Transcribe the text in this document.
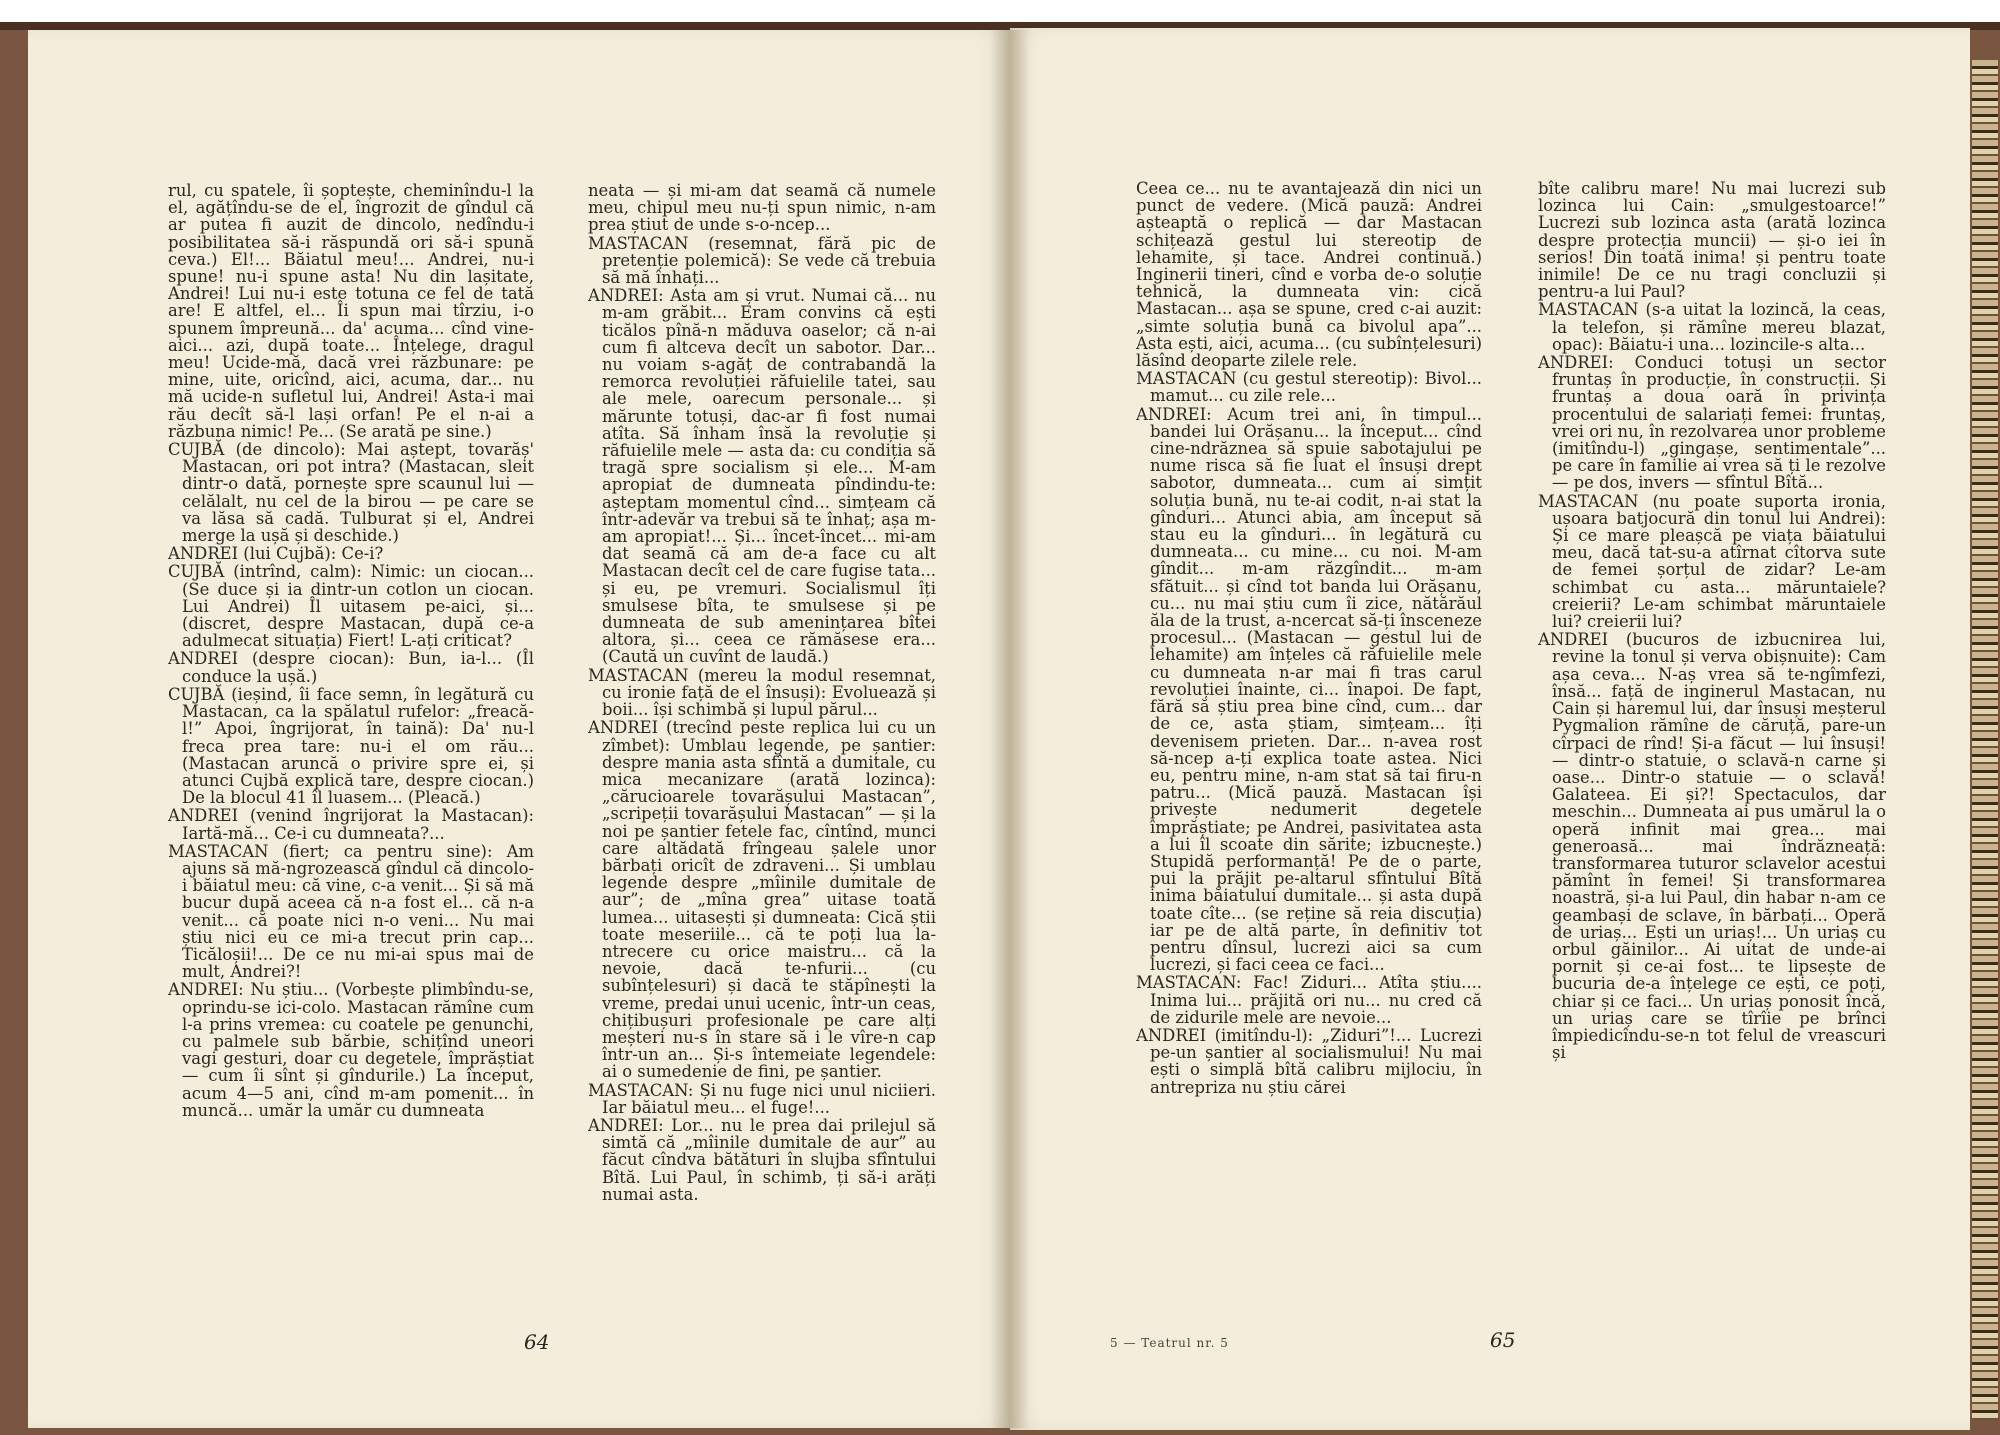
rul, cu spatele, îi șoptește, cheminîndu-l la el, agățîndu-se de el, îngrozit de gîndul că ar putea fi auzit de dincolo, nedîndu-i posibilitatea să-i răspundă ori să-i spună ceva.) El!... Băiatul meu!... Andrei, nu-i spune! nu-i spune asta! Nu din lașitate, Andrei! Lui nu-i este totuna ce fel de tată are! E altfel, el... Îi spun mai tîrziu, i-o spunem împreună... da' acuma... cînd vine-aici... azi, după toate... Înțelege, dragul meu! Ucide-mă, dacă vrei răzbunare: pe mine, uite, oricînd, aici, acuma, dar... nu mă ucide-n sufletul lui, Andrei! Asta-i mai rău decît să-l lași orfan! Pe el n-ai a răzbuna nimic! Pe... (Se arată pe sine.)

CUJBĂ (de dincolo): Mai aștept, tovarăș' Mastacan, ori pot intra? (Mastacan, sleit dintr-o dată, pornește spre scaunul lui — celălalt, nu cel de la birou — pe care se va lăsa să cadă. Tulburat și el, Andrei merge la ușă și deschide.)

ANDREI (lui Cujbă): Ce-i?

CUJBĂ (intrînd, calm): Nimic: un ciocan... (Se duce și ia dintr-un cotlon un ciocan. Lui Andrei) Îl uitasem pe-aici, și... (discret, despre Mastacan, după ce-a adulmecat situația) Fiert! L-ați criticat?

ANDREI (despre ciocan): Bun, ia-l... (Îl conduce la ușă.)

CUJBĂ (ieșind, îi face semn, în legătură cu Mastacan, ca la spălatul rufelor: „freacă-l!” Apoi, îngrijorat, în taină): Da' nu-l freca prea tare: nu-i el om rău... (Mastacan aruncă o privire spre ei, și atunci Cujbă explică tare, despre ciocan.) De la blocul 41 îl luasem... (Pleacă.)

ANDREI (venind îngrijorat la Mastacan): Iartă-mă... Ce-i cu dumneata?...

MASTACAN (fiert; ca pentru sine): Am ajuns să mă-ngrozească gîndul că dincolo-i băiatul meu: că vine, c-a venit... Și să mă bucur după aceea că n-a fost el... că n-a venit... că poate nici n-o veni... Nu mai știu nici eu ce mi-a trecut prin cap... Ticăloșii!... De ce nu mi-ai spus mai de mult, Andrei?!

ANDREI: Nu știu... (Vorbește plimbîndu-se, oprindu-se ici-colo. Mastacan rămîne cum l-a prins vremea: cu coatele pe genunchi, cu palmele sub bărbie, schițînd uneori vagi gesturi, doar cu degetele, împrăștiat — cum îi sînt și gîndurile.) La început, acum 4—5 ani, cînd m-am pomenit... în muncă... umăr la umăr cu dumneata

neata — și mi-am dat seamă că numele meu, chipul meu nu-ți spun nimic, n-am prea știut de unde s-o-ncep...

MASTACAN (resemnat, fără pic de pretenție polemică): Se vede că trebuia să mă înhați...

ANDREI: Asta am și vrut. Numai că... nu m-am grăbit... Eram convins că ești ticălos pînă-n măduva oaselor; că n-ai cum fi altceva decît un sabotor. Dar... nu voiam s-agăț de contrabandă la remorca revoluției răfuielile tatei, sau ale mele, oarecum personale... și mărunte totuși, dac-ar fi fost numai atîta. Să înham însă la revoluție și răfuielile mele — asta da: cu condiția să tragă spre socialism și ele... M-am apropiat de dumneata pîndindu-te: așteptam momentul cînd... simțeam că într-adevăr va trebui să te înhaț; așa m-am apropiat!... Și... încet-încet... mi-am dat seamă că am de-a face cu alt Mastacan decît cel de care fugise tata... și eu, pe vremuri. Socialismul îți smulsese bîta, te smulsese și pe dumneata de sub amenințarea bîtei altora, și... ceea ce rămăsese era... (Caută un cuvînt de laudă.)

MASTACAN (mereu la modul resemnat, cu ironie față de el însuși): Evoluează și boii... își schimbă și lupul părul...

ANDREI (trecînd peste replica lui cu un zîmbet): Umblau legende, pe șantier: despre mania asta sfîntă a dumitale, cu mica mecanizare (arată lozinca): „cărucioarele tovarășului Mastacan”, „scripeții tovarășului Mastacan” — și la noi pe șantier fetele fac, cîntînd, munci care altădată frîngeau șalele unor bărbați oricît de zdraveni... Și umblau legende despre „mîinile dumitale de aur”; de „mîna grea” uitase toată lumea... uitasești și dumneata: Cică știi toate meseriile... că te poți lua la-ntrecere cu orice maistru... că la nevoie, dacă te-nfurii... (cu subînțelesuri) și dacă te stăpînești la vreme, predai unui ucenic, într-un ceas, chițibușuri profesionale pe care alți meșteri nu-s în stare să i le vîre-n cap într-un an... Și-s întemeiate legendele: ai o sumedenie de fini, pe șantier.

MASTACAN: Și nu fuge nici unul niciieri. Iar băiatul meu... el fuge!...

ANDREI: Lor... nu le prea dai prilejul să simtă că „mîinile dumitale de aur” au făcut cîndva bătături în slujba sfîntului Bîtă. Lui Paul, în schimb, ți să-i arăți numai asta.

64

Ceea ce... nu te avantajează din nici un punct de vedere. (Mică pauză: Andrei așteaptă o replică — dar Mastacan schițează gestul lui stereotip de lehamite, și tace. Andrei continuă.) Inginerii tineri, cînd e vorba de-o soluție tehnică, la dumneata vin: cică Mastacan... așa se spune, cred c-ai auzit: „simte soluția bună ca bivolul apa”... Asta ești, aici, acuma... (cu subînțelesuri) lăsînd deoparte zilele rele.

MASTACAN (cu gestul stereotip): Bivol... mamut... cu zile rele...

ANDREI: Acum trei ani, în timpul... bandei lui Orășanu... la început... cînd cine-ndrăznea să spuie sabotajului pe nume risca să fie luat el însuși drept sabotor, dumneata... cum ai simțit soluția bună, nu te-ai codit, n-ai stat la gînduri... Atunci abia, am început să stau eu la gînduri... în legătură cu dumneata... cu mine... cu noi. M-am gîndit... m-am răzgîndit... m-am sfătuit... și cînd tot banda lui Orășanu, cu... nu mai știu cum îi zice, nătărăul ăla de la trust, a-ncercat să-ți însceneze procesul... (Mastacan — gestul lui de lehamite) am înțeles că răfuielile mele cu dumneata n-ar mai fi tras carul revoluției înainte, ci... înapoi. De fapt, fără să știu prea bine cînd, cum... dar de ce, asta știam, simțeam... îți devenisem prieten. Dar... n-avea rost să-ncep a-ți explica toate astea. Nici eu, pentru mine, n-am stat să tai firu-n patru... (Mică pauză. Mastacan își privește nedumerit degetele împrăștiate; pe Andrei, pasivitatea asta a lui îl scoate din sărite; izbucnește.) Stupidă performanță! Pe de o parte, pui la prăjit pe-altarul sfîntului Bîtă inima băiatului dumitale... și asta după toate cîte... (se reține să reia discuția) iar pe de altă parte, în definitiv tot pentru dînsul, lucrezi aici sa cum lucrezi, și faci ceea ce faci...

MASTACAN: Fac! Ziduri... Atîta știu.... Inima lui... prăjită ori nu... nu cred că de zidurile mele are nevoie...

ANDREI (imitîndu-l): „Ziduri”!... Lucrezi pe-un șantier al socialismului! Nu mai ești o simplă bîtă calibru mijlociu, în antrepriza nu știu cărei

bîte calibru mare! Nu mai lucrezi sub lozinca lui Cain: „smulgestoarce!” Lucrezi sub lozinca asta (arată lozinca despre protecția muncii) — și-o iei în serios! Din toată inima! și pentru toate inimile! De ce nu tragi concluzii și pentru-a lui Paul?

MASTACAN (s-a uitat la lozincă, la ceas, la telefon, și rămîne mereu blazat, opac): Băiatu-i una... lozincile-s alta...

ANDREI: Conduci totuși un sector fruntaș în producție, în construcții. Și fruntaș a doua oară în privința procentului de salariați femei: fruntaș, vrei ori nu, în rezolvarea unor probleme (imitîndu-l) „gingașe, sentimentale”... pe care în familie ai vrea să ți le rezolve — pe dos, invers — sfîntul Bîtă...

MASTACAN (nu poate suporta ironia, ușoara batjocură din tonul lui Andrei): Și ce mare pleașcă pe viața băiatului meu, dacă tat-su-a atîrnat cîtorva sute de femei șorțul de zidar? Le-am schimbat cu asta... măruntaiele? creierii? Le-am schimbat măruntaiele lui? creierii lui?

ANDREI (bucuros de izbucnirea lui, revine la tonul și verva obișnuite): Cam așa ceva... N-aș vrea să te-ngîmfezi, însă... față de inginerul Mastacan, nu Cain și haremul lui, dar însuși meșterul Pygmalion rămîne de căruță, pare-un cîrpaci de rînd! Și-a făcut — lui însuși! — dintr-o statuie, o sclavă-n carne și oase... Dintr-o statuie — o sclavă! Galateea. Ei și?! Spectaculos, dar meschin... Dumneata ai pus umărul la o operă infinit mai grea... mai generoasă... mai îndrăzneață: transformarea tuturor sclavelor acestui pămînt în femei! Și transformarea noastră, și-a lui Paul, din habar n-am ce geambași de sclave, în bărbați... Operă de uriaș... Ești un uriaș!... Un uriaș cu orbul găinilor... Ai uitat de unde-ai pornit și ce-ai fost... te lipsește de bucuria de-a înțelege ce ești, ce poți, chiar și ce faci... Un uriaș ponosit încă, un uriaș care se tîrîie pe brînci împiedicîndu-se-n tot felul de vreascuri și

5 — Teatrul nr. 5	65
